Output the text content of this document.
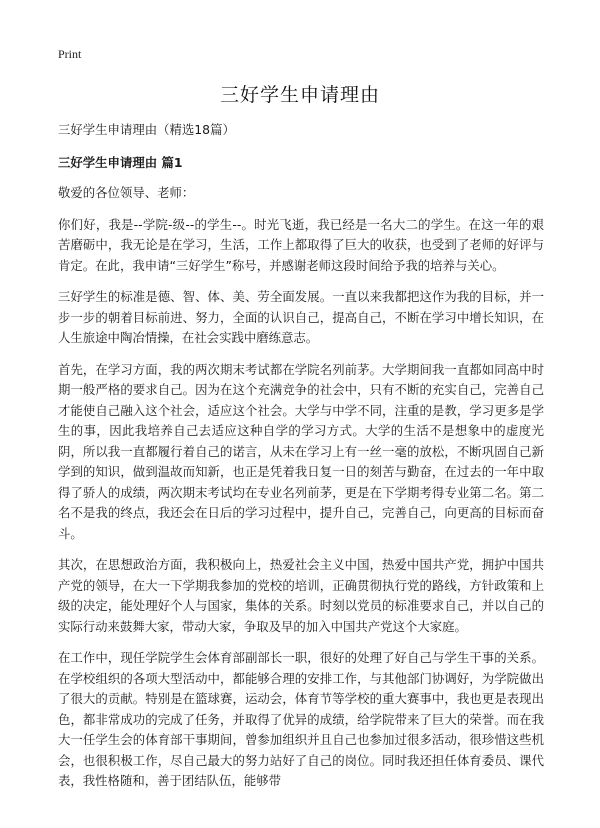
Print
三好学生申请理由

三好学生申请理由（精选18篇）

三好学生申请理由 篇1

敬爱的各位领导、老师：

你们好，我是--学院-级--的学生--。时光飞逝，我已经是一名大二的学生。在这一年的艰苦磨砺中，我无论是在学习，生活，工作上都取得了巨大的收获，也受到了老师的好评与肯定。在此，我申请“三好学生”称号，并感谢老师这段时间给予我的培养与关心。

三好学生的标准是德、智、体、美、劳全面发展。一直以来我都把这作为我的目标，并一步一步的朝着目标前进、努力，全面的认识自己，提高自己，不断在学习中增长知识，在人生旅途中陶冶情操，在社会实践中磨练意志。

首先，在学习方面，我的两次期末考试都在学院名列前茅。大学期间我一直都如同高中时期一般严格的要求自己。因为在这个充满竞争的社会中，只有不断的充实自己，完善自己才能使自己融入这个社会，适应这个社会。大学与中学不同，注重的是教，学习更多是学生的事，因此我培养自己去适应这种自学的学习方式。大学的生活不是想象中的虚度光阴，所以我一直都履行着自己的诺言，从未在学习上有一丝一毫的放松，不断巩固自己新学到的知识，做到温故而知新，也正是凭着我日复一日的刻苦与勤奋，在过去的一年中取得了骄人的成绩，两次期末考试均在专业名列前茅，更是在下学期考得专业第二名。第二名不是我的终点，我还会在日后的学习过程中，提升自己，完善自己，向更高的目标而奋斗。

其次，在思想政治方面，我积极向上，热爱社会主义中国，热爱中国共产党，拥护中国共产党的领导，在大一下学期我参加的党校的培训，正确贯彻执行党的路线，方针政策和上级的决定，能处理好个人与国家，集体的关系。时刻以党员的标准要求自己，并以自己的实际行动来鼓舞大家，带动大家，争取及早的加入中国共产党这个大家庭。

在工作中，现任学院学生会体育部副部长一职，很好的处理了好自己与学生干事的关系。在学校组织的各项大型活动中，都能够合理的安排工作，与其他部门协调好，为学院做出了很大的贡献。特别是在篮球赛，运动会，体育节等学校的重大赛事中，我也更是表现出色，都非常成功的完成了任务，并取得了优异的成绩，给学院带来了巨大的荣誉。而在我大一任学生会的体育部干事期间，曾参加组织并且自己也参加过很多活动，很珍惜这些机会，也很积极工作，尽自己最大的努力站好了自己的岗位。同时我还担任体育委员、课代表，我性格随和，善于团结队伍，能够带
